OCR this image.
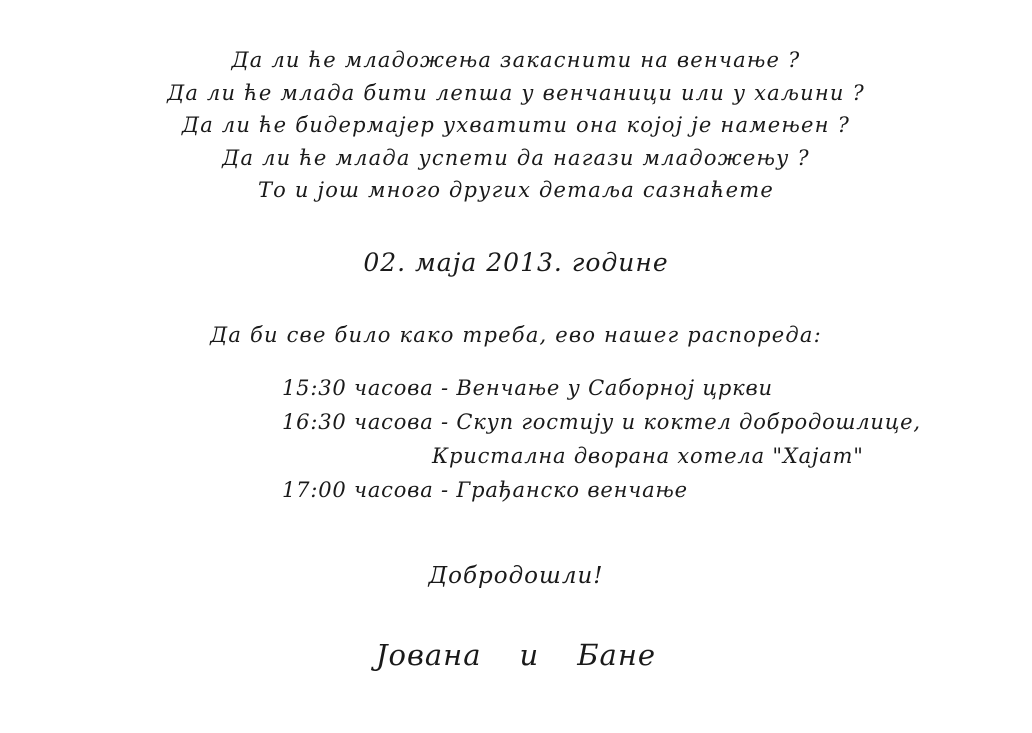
Да ли ће младожења закаснити на венчање ?
Да ли ће млада бити лепша у венчаници или у хаљини ?
Да ли ће бидермајер ухватити она којој је намењен ?
Да ли ће млада успети да нагази младожењу ?
То и још много других детаља сазнаћете
02. маја 2013. године
Да би све било како треба, ево нашег распореда:
15:30 часова - Венчање у Саборној цркви
16:30 часова - Скуп гостију и коктел добродошлице,
Кристална дворана хотела "Хајат"
17:00 часова - Грађанско венчање
Добродошли!
Јована и Бане
